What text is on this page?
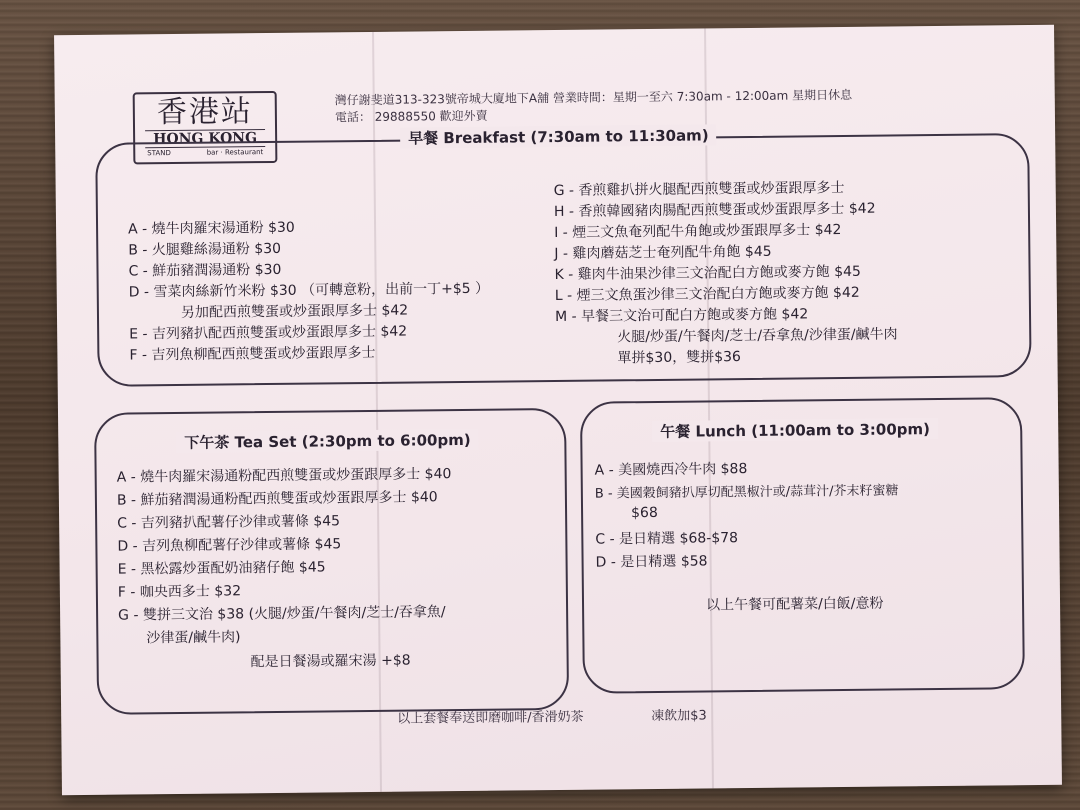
香港站
HONG KONG
STAND	bar · Restaurant
灣仔謝斐道313-323號帝城大廈地下A舖 營業時間：星期一至六 7:30am - 12:00am 星期日休息
電話： 29888550 歡迎外賣
早餐 Breakfast (7:30am to 11:30am)
A - 燒牛肉羅宋湯通粉 $30
B - 火腿雞絲湯通粉 $30
C - 鮮茄豬潤湯通粉 $30
D - 雪菜肉絲新竹米粉 $30 （可轉意粉，出前一丁+$5 ）
另加配西煎雙蛋或炒蛋跟厚多士 $42
E - 吉列豬扒配西煎雙蛋或炒蛋跟厚多士 $42
F - 吉列魚柳配西煎雙蛋或炒蛋跟厚多士
G - 香煎雞扒拼火腿配西煎雙蛋或炒蛋跟厚多士
H - 香煎韓國豬肉腸配西煎雙蛋或炒蛋跟厚多士 $42
I - 煙三文魚奄列配牛角飽或炒蛋跟厚多士 $42
J - 雞肉蘑菇芝士奄列配牛角飽 $45
K - 雞肉牛油果沙律三文治配白方飽或麥方飽 $45
L - 煙三文魚蛋沙律三文治配白方飽或麥方飽 $42
M - 早餐三文治可配白方飽或麥方飽 $42
火腿/炒蛋/午餐肉/芝士/吞拿魚/沙律蛋/鹹牛肉
單拼$30，雙拼$36
下午茶 Tea Set (2:30pm to 6:00pm)
A - 燒牛肉羅宋湯通粉配西煎雙蛋或炒蛋跟厚多士 $40
B - 鮮茄豬潤湯通粉配西煎雙蛋或炒蛋跟厚多士 $40
C - 吉列豬扒配薯仔沙律或薯條 $45
D - 吉列魚柳配薯仔沙律或薯條 $45
E - 黑松露炒蛋配奶油豬仔飽 $45
F - 咖央西多士 $32
G - 雙拼三文治 $38 (火腿/炒蛋/午餐肉/芝士/吞拿魚/
沙律蛋/鹹牛肉)
配是日餐湯或羅宋湯 +$8
午餐 Lunch (11:00am to 3:00pm)
A - 美國燒西冷牛肉 $88
B - 美國穀飼豬扒厚切配黑椒汁或/蒜茸汁/芥末籽蜜糖
$68
C - 是日精選 $68-$78
D - 是日精選 $58
以上午餐可配薯菜/白飯/意粉
以上套餐奉送即磨咖啡/香滑奶茶	凍飲加$3
